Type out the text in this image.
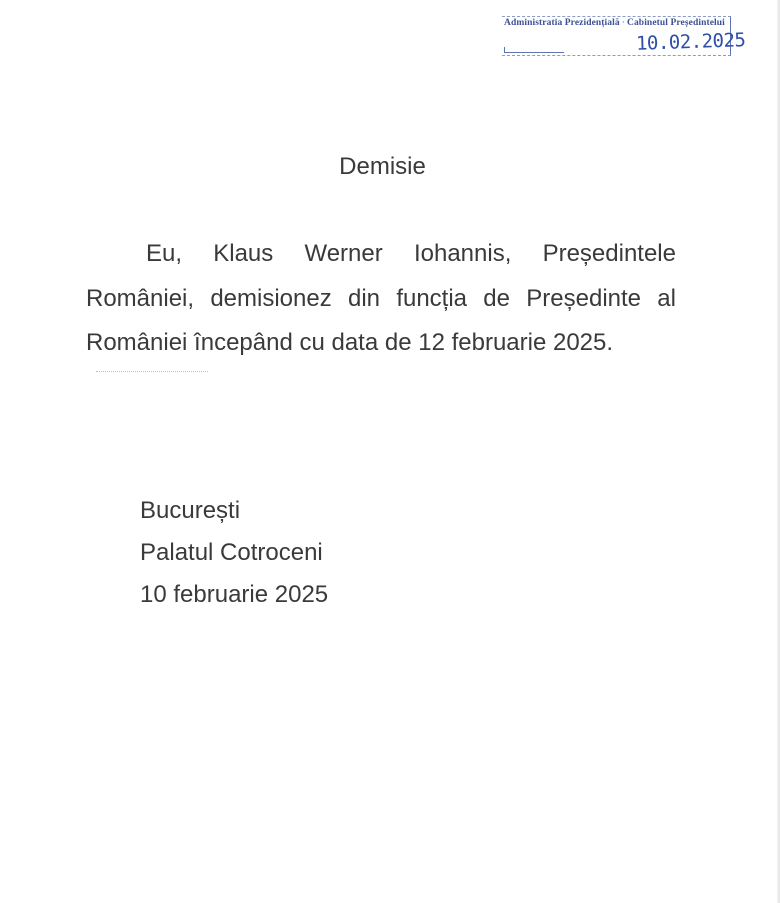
Administratia Prezidențială · Cabinetul Președintelui
10.02.2025
Demisie
Eu, Klaus Werner Iohannis, Președintele României, demisionez din funcția de Președinte al României începând cu data de 12 februarie 2025.
București
Palatul Cotroceni
10 februarie 2025
